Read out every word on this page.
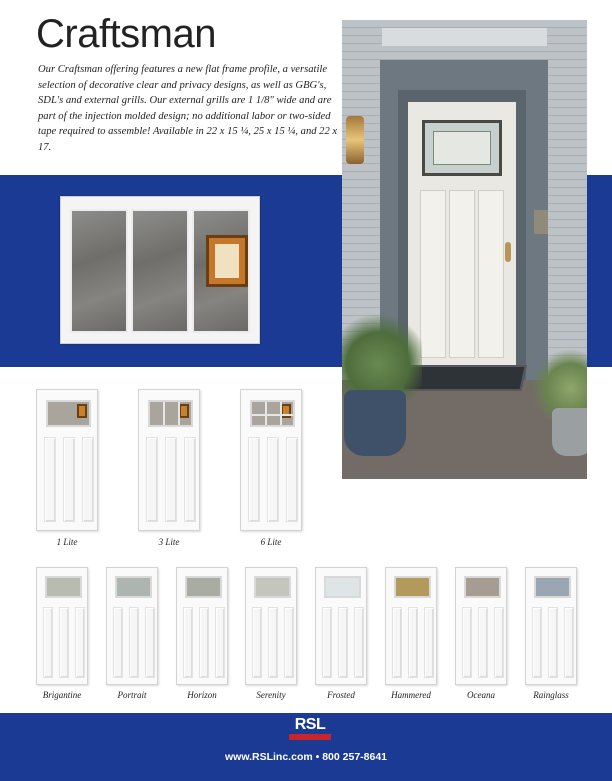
Craftsman
Our Craftsman offering features a new flat frame profile, a versatile selection of decorative clear and privacy designs, as well as GBG's, SDL's and external grills. Our external grills are 1 1/8" wide and are part of the injection molded design; no additional labor or two-sided tape required to assemble! Available in 22 x 15 ¼, 25 x 15 ¼, and 22 x 17.
1 Lite	3 Lite	6 Lite
Brigantine	Portrait	Horizon	Serenity	Frosted	Hammered	Oceana	Rainglass
RSL
www.RSLinc.com • 800 257-8641
